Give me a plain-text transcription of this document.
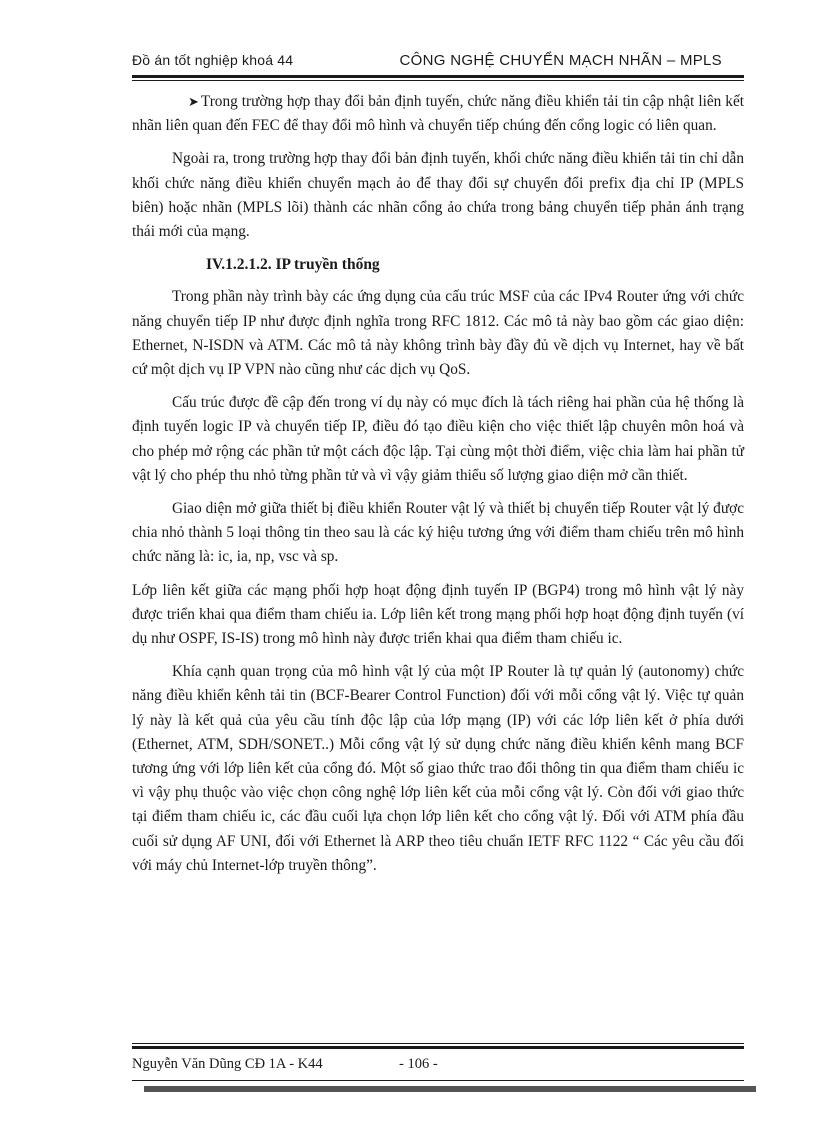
Đồ án tốt nghiệp khoá 44	CÔNG NGHỆ CHUYỂN MẠCH NHÃN – MPLS

➤ Trong trường hợp thay đổi bản định tuyến, chức năng điều khiển tải tin cập nhật liên kết nhãn liên quan đến FEC để thay đổi mô hình và chuyển tiếp chúng đến cổng logic có liên quan.

Ngoài ra, trong trường hợp thay đổi bản định tuyến, khối chức năng điều khiển tải tin chỉ dẫn khối chức năng điều khiển chuyển mạch ảo để thay đổi sự chuyển đổi prefix địa chỉ IP (MPLS biên) hoặc nhãn (MPLS lõi) thành các nhãn cổng ảo chứa trong bảng chuyển tiếp phản ánh trạng thái mới của mạng.

IV.1.2.1.2. IP truyền thống

Trong phần này trình bày các ứng dụng của cấu trúc MSF của các IPv4 Router ứng với chức năng chuyển tiếp IP như được định nghĩa trong RFC 1812. Các mô tả này bao gồm các giao diện: Ethernet, N-ISDN và ATM. Các mô tả này không trình bày đầy đủ về dịch vụ Internet, hay về bất cứ một dịch vụ IP VPN nào cũng như các dịch vụ QoS.

Cấu trúc được đề cập đến trong ví dụ này có mục đích là tách riêng hai phần của hệ thống là định tuyến logic IP và chuyển tiếp IP, điều đó tạo điều kiện cho việc thiết lập chuyên môn hoá và cho phép mở rộng các phần tử một cách độc lập. Tại cùng một thời điểm, việc chia làm hai phần tử vật lý cho phép thu nhỏ từng phần tử và vì vậy giảm thiểu số lượng giao diện mở cần thiết.

Giao diện mở giữa thiết bị điều khiển Router vật lý và thiết bị chuyển tiếp Router vật lý được chia nhỏ thành 5 loại thông tin theo sau là các ký hiệu tương ứng với điểm tham chiếu trên mô hình chức năng là: ic, ia, np, vsc và sp.

Lớp liên kết giữa các mạng phối hợp hoạt động định tuyến IP (BGP4) trong mô hình vật lý này được triển khai qua điểm tham chiếu ia. Lớp liên kết trong mạng phối hợp hoạt động định tuyến (ví dụ như OSPF, IS-IS) trong mô hình này được triển khai qua điểm tham chiếu ic.

Khía cạnh quan trọng của mô hình vật lý của một IP Router là tự quản lý (autonomy) chức năng điều khiển kênh tải tin (BCF-Bearer Control Function) đối với mỗi cổng vật lý. Việc tự quản lý này là kết quả của yêu cầu tính độc lập của lớp mạng (IP) với các lớp liên kết ở phía dưới (Ethernet, ATM, SDH/SONET..) Mỗi cổng vật lý sử dụng chức năng điều khiển kênh mang BCF tương ứng với lớp liên kết của cổng đó. Một số giao thức trao đổi thông tin qua điểm tham chiếu ic vì vậy phụ thuộc vào việc chọn công nghệ lớp liên kết của mỗi cổng vật lý. Còn đối với giao thức tại điểm tham chiếu ic, các đầu cuối lựa chọn lớp liên kết cho cổng vật lý. Đối với ATM phía đầu cuối sử dụng AF UNI, đối với Ethernet là ARP theo tiêu chuẩn IETF RFC 1122 “ Các yêu cầu đối với máy chủ Internet-lớp truyền thông”.

Nguyễn Văn Dũng CĐ 1A - K44	- 106 -
